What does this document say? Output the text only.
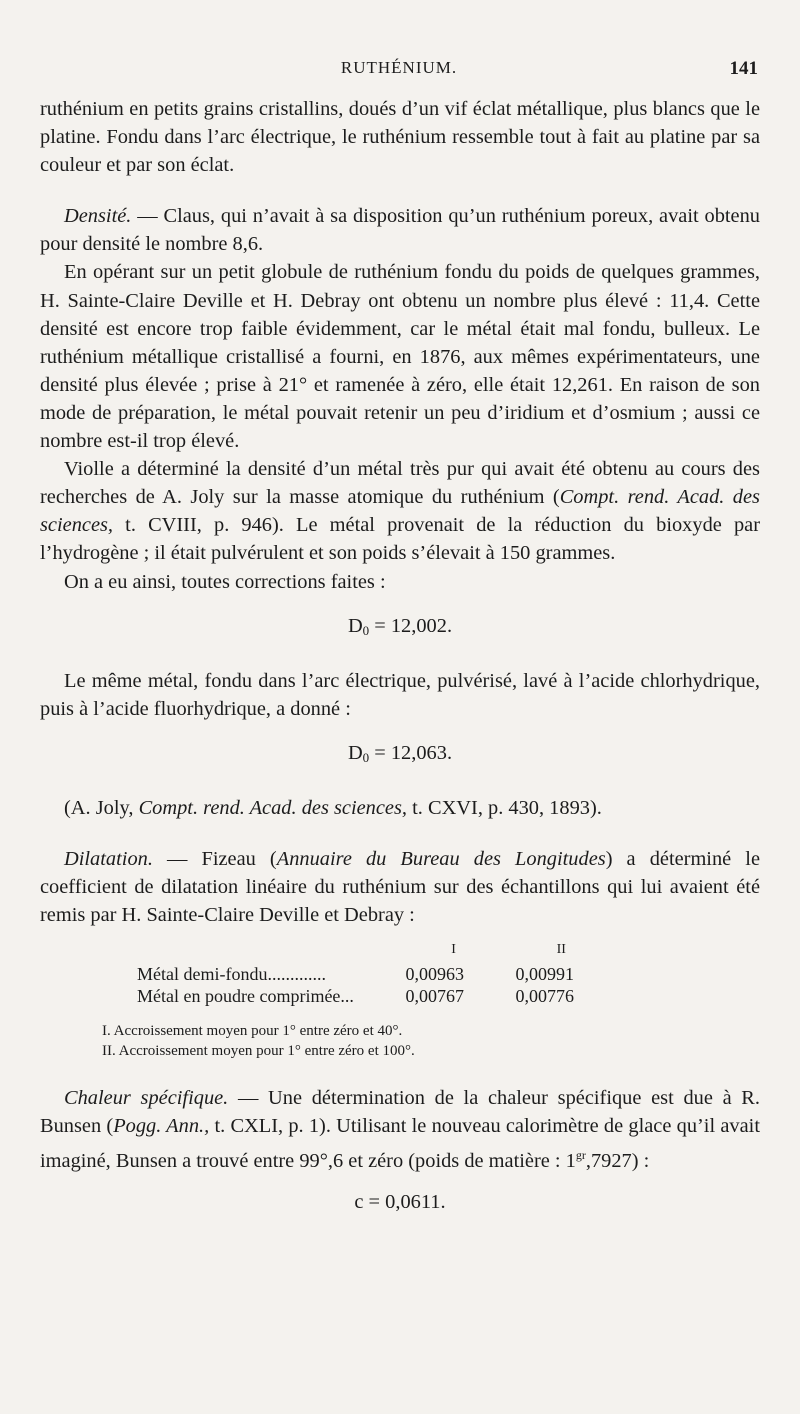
RUTHÉNIUM.	141

ruthénium en petits grains cristallins, doués d’un vif éclat métallique, plus blancs que le platine. Fondu dans l’arc électrique, le ruthénium ressemble tout à fait au platine par sa couleur et par son éclat.

Densité. — Claus, qui n’avait à sa disposition qu’un ruthénium poreux, avait obtenu pour densité le nombre 8,6.

En opérant sur un petit globule de ruthénium fondu du poids de quelques grammes, H. Sainte-Claire Deville et H. Debray ont obtenu un nombre plus élevé : 11,4. Cette densité est encore trop faible évidemment, car le métal était mal fondu, bulleux. Le ruthénium métallique cristallisé a fourni, en 1876, aux mêmes expérimentateurs, une densité plus élevée ; prise à 21° et ramenée à zéro, elle était 12,261. En raison de son mode de préparation, le métal pouvait retenir un peu d’iridium et d’osmium ; aussi ce nombre est-il trop élevé.

Violle a déterminé la densité d’un métal très pur qui avait été obtenu au cours des recherches de A. Joly sur la masse atomique du ruthénium (Compt. rend. Acad. des sciences, t. CVIII, p. 946). Le métal provenait de la réduction du bioxyde par l’hydrogène ; il était pulvérulent et son poids s’élevait à 150 grammes.

On a eu ainsi, toutes corrections faites :

$D_0 = 12,002$.

Le même métal, fondu dans l’arc électrique, pulvérisé, lavé à l’acide chlorhydrique, puis à l’acide fluorhydrique, a donné :

$D_0 = 12,063$.

(A. Joly, Compt. rend. Acad. des sciences, t. CXVI, p. 430, 1893).

Dilatation. — Fizeau (Annuaire du Bureau des Longitudes) a déterminé le coefficient de dilatation linéaire du ruthénium sur des échantillons qui lui avaient été remis par H. Sainte-Claire Deville et Debray :

	I	II
Métal demi-fondu.............	0,00963	0,00991
Métal en poudre comprimée...	0,00767	0,00776
I. Accroissement moyen pour 1° entre zéro et 40°.
II. Accroissement moyen pour 1° entre zéro et 100°.

Chaleur spécifique. — Une détermination de la chaleur spécifique est due à R. Bunsen (Pogg. Ann., t. CXLI, p. 1). Utilisant le nouveau calorimètre de glace qu’il avait imaginé, Bunsen a trouvé entre 99°,6 et zéro (poids de matière : $1^{gr},7927$) :

c = 0,0611.
